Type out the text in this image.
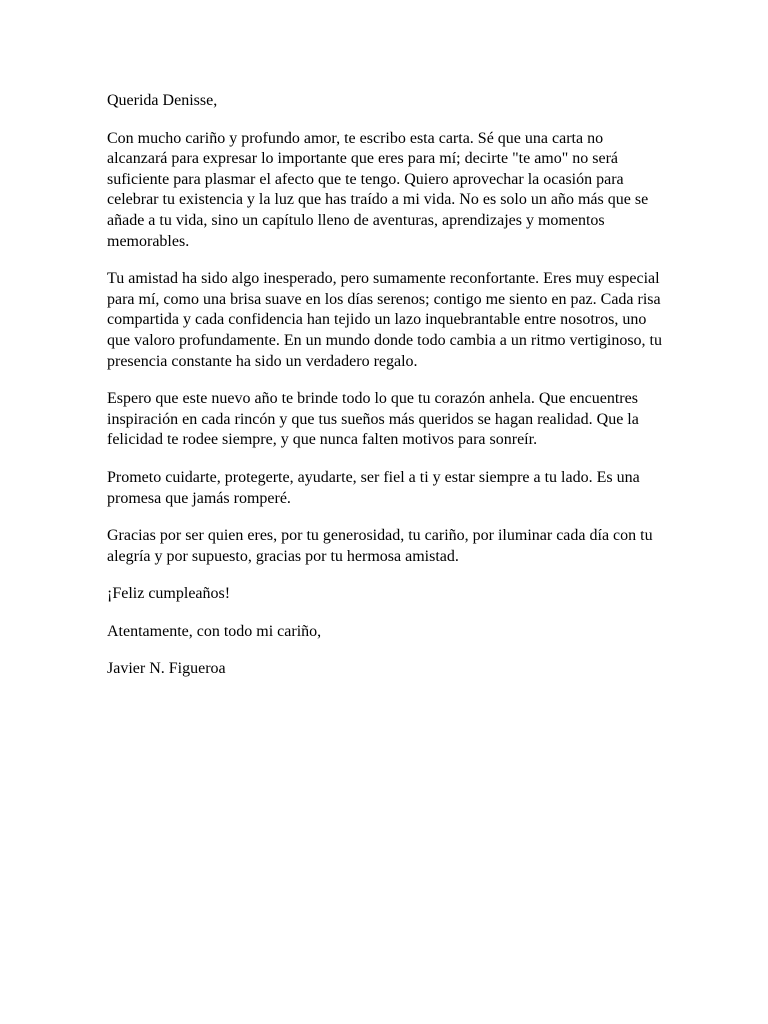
Querida Denisse,

Con mucho cariño y profundo amor, te escribo esta carta. Sé que una carta no alcanzará para expresar lo importante que eres para mí; decirte "te amo" no será suficiente para plasmar el afecto que te tengo. Quiero aprovechar la ocasión para celebrar tu existencia y la luz que has traído a mi vida. No es solo un año más que se añade a tu vida, sino un capítulo lleno de aventuras, aprendizajes y momentos memorables.

Tu amistad ha sido algo inesperado, pero sumamente reconfortante. Eres muy especial para mí, como una brisa suave en los días serenos; contigo me siento en paz. Cada risa compartida y cada confidencia han tejido un lazo inquebrantable entre nosotros, uno que valoro profundamente. En un mundo donde todo cambia a un ritmo vertiginoso, tu presencia constante ha sido un verdadero regalo.

Espero que este nuevo año te brinde todo lo que tu corazón anhela. Que encuentres inspiración en cada rincón y que tus sueños más queridos se hagan realidad. Que la felicidad te rodee siempre, y que nunca falten motivos para sonreír.

Prometo cuidarte, protegerte, ayudarte, ser fiel a ti y estar siempre a tu lado. Es una promesa que jamás romperé.

Gracias por ser quien eres, por tu generosidad, tu cariño, por iluminar cada día con tu alegría y por supuesto, gracias por tu hermosa amistad.

¡Feliz cumpleaños!

Atentamente, con todo mi cariño,

Javier N. Figueroa
